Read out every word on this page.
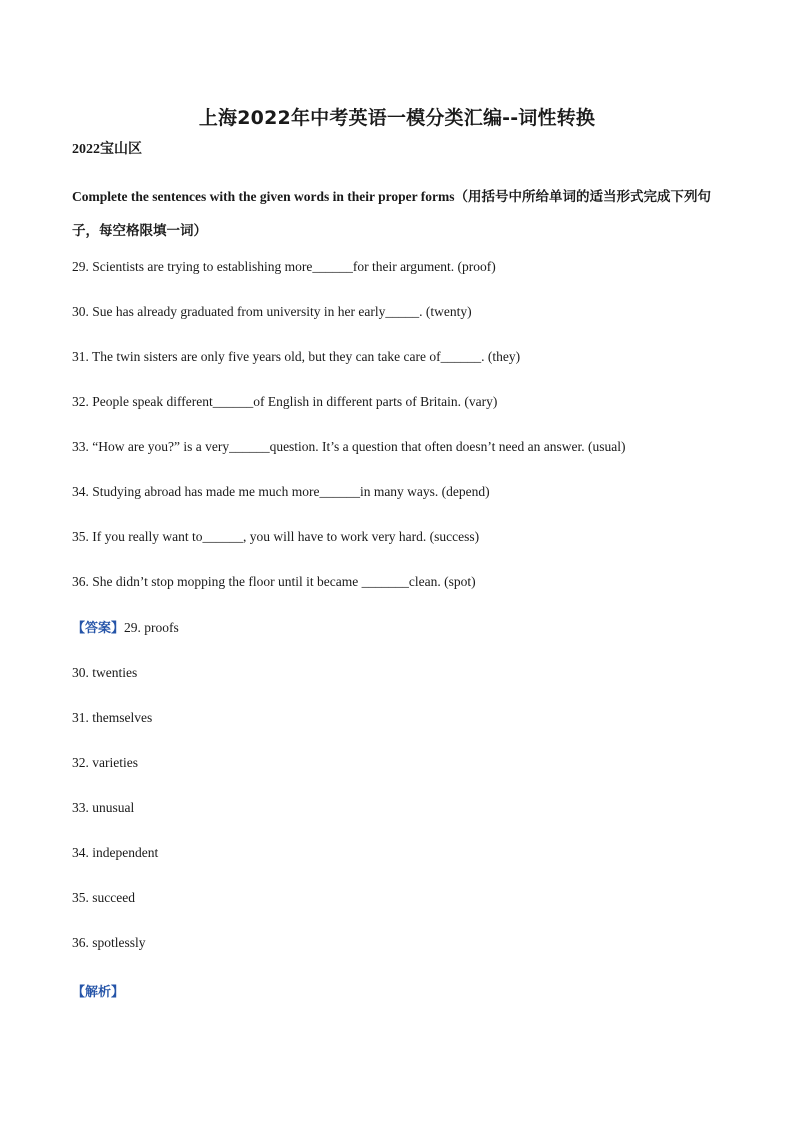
上海2022年中考英语一模分类汇编--词性转换
2022宝山区
Complete the sentences with the given words in their proper forms（用括号中所给单词的适当形式完成下列句子，每空格限填一词）
29. Scientists are trying to establishing more______for their argument. (proof)
30. Sue has already graduated from university in her early_____. (twenty)
31. The twin sisters are only five years old, but they can take care of______. (they)
32. People speak different______of English in different parts of Britain. (vary)
33. “How are you?” is a very______question. It’s a question that often doesn’t need an answer. (usual)
34. Studying abroad has made me much more______in many ways. (depend)
35. If you really want to______, you will have to work very hard. (success)
36. She didn’t stop mopping the floor until it became _______clean. (spot)
【答案】29. proofs
30. twenties
31. themselves
32. varieties
33. unusual
34. independent
35. succeed
36. spotlessly
【解析】
